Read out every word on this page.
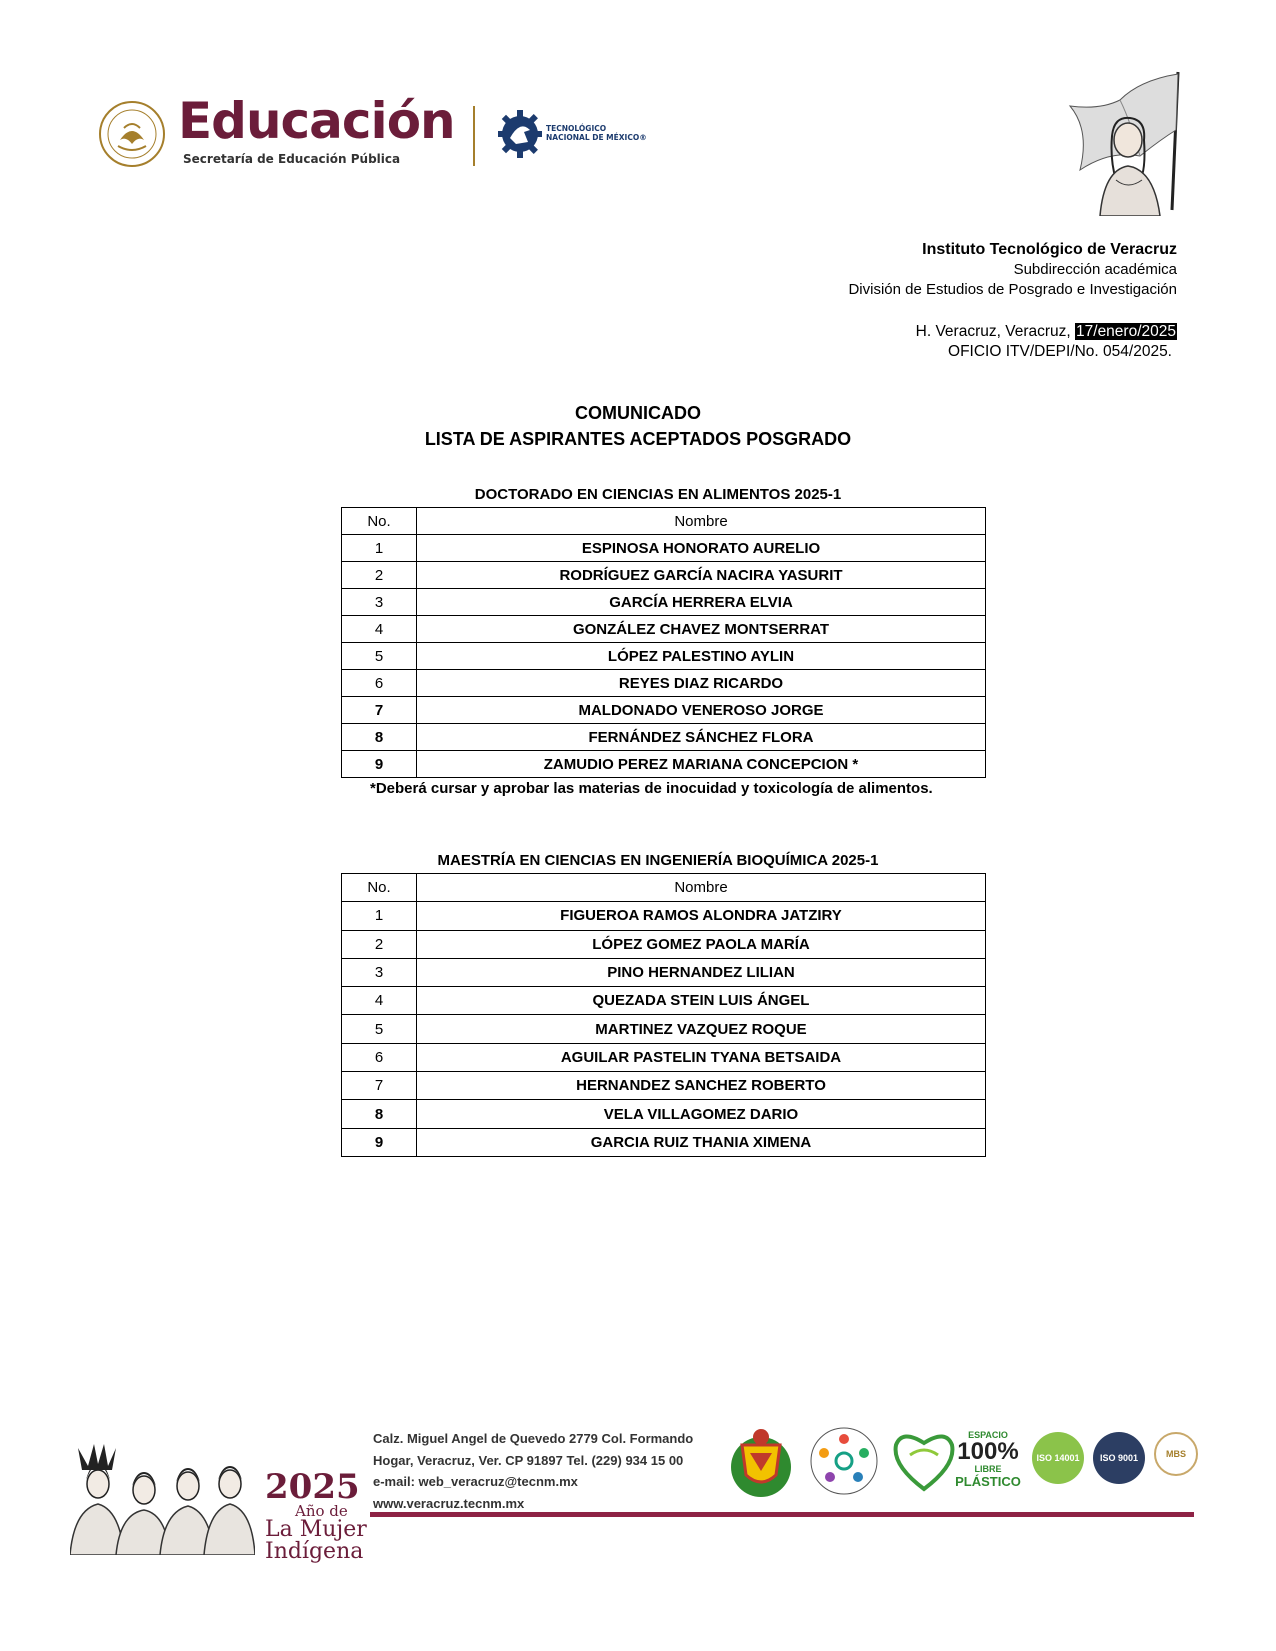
Educación
Secretaría de Educación Pública
TECNOLÓGICO
NACIONAL DE MÉXICO®
Instituto Tecnológico de Veracruz
Subdirección académica
División de Estudios de Posgrado e Investigación
H. Veracruz, Veracruz, 17/enero/2025
OFICIO ITV/DEPI/No. 054/2025.
COMUNICADO
LISTA DE ASPIRANTES ACEPTADOS POSGRADO
DOCTORADO EN CIENCIAS EN ALIMENTOS 2025-1
No.	Nombre
1	ESPINOSA HONORATO AURELIO
2	RODRÍGUEZ GARCÍA NACIRA YASURIT
3	GARCÍA HERRERA ELVIA
4	GONZÁLEZ CHAVEZ MONTSERRAT
5	LÓPEZ PALESTINO AYLIN
6	REYES DIAZ RICARDO
7	MALDONADO VENEROSO JORGE
8	FERNÁNDEZ SÁNCHEZ FLORA
9	ZAMUDIO PEREZ MARIANA CONCEPCION *
*Deberá cursar y aprobar las materias de inocuidad y toxicología de alimentos.
MAESTRÍA EN CIENCIAS EN INGENIERÍA BIOQUÍMICA 2025-1
No.	Nombre
1	FIGUEROA RAMOS ALONDRA JATZIRY
2	LÓPEZ GOMEZ PAOLA MARÍA
3	PINO HERNANDEZ LILIAN
4	QUEZADA STEIN LUIS ÁNGEL
5	MARTINEZ VAZQUEZ ROQUE
6	AGUILAR PASTELIN TYANA BETSAIDA
7	HERNANDEZ SANCHEZ ROBERTO
8	VELA VILLAGOMEZ DARIO
9	GARCIA RUIZ THANIA XIMENA
2025
Año de
La Mujer
Indígena
Calz. Miguel Angel de Quevedo 2779 Col. Formando
Hogar, Veracruz, Ver. CP 91897 Tel. (229) 934 15 00
e-mail: web_veracruz@tecnm.mx
www.veracruz.tecnm.mx
ESPACIO
100%
LIBRE
PLÁSTICO
ISO 14001 ISO 9001	MBS
